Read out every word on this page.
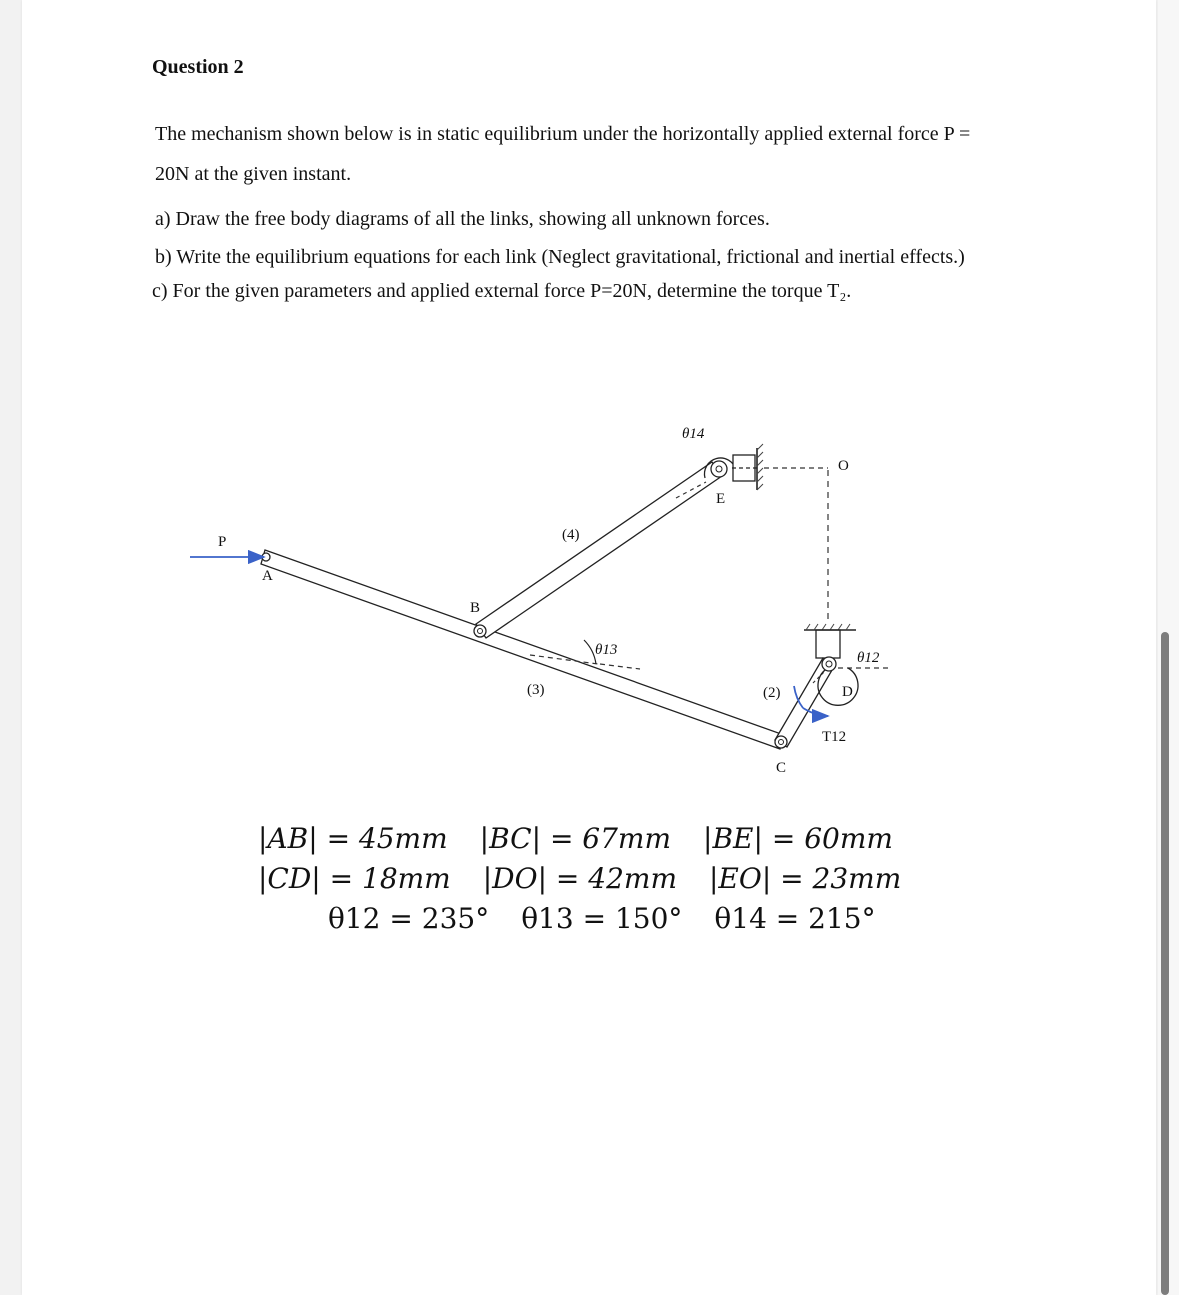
Question 2

The mechanism shown below is in static equilibrium under the horizontally applied external force P =

20N at the given instant.

a) Draw the free body diagrams of all the links, showing all unknown forces.

b) Write the equilibrium equations for each link (Neglect gravitational, frictional and inertial effects.)

c) For the given parameters and applied external force P=20N, determine the torque T₂.

P
A
B
C
D
E
O
(2)
(3)
(4)
θ12
θ13
θ14
T12

|AB| = 45mm |BC| = 67mm |BE| = 60mm

|CD| = 18mm |DO| = 42mm |EO| = 23mm

θ12 = 235° θ13 = 150° θ14 = 215°
